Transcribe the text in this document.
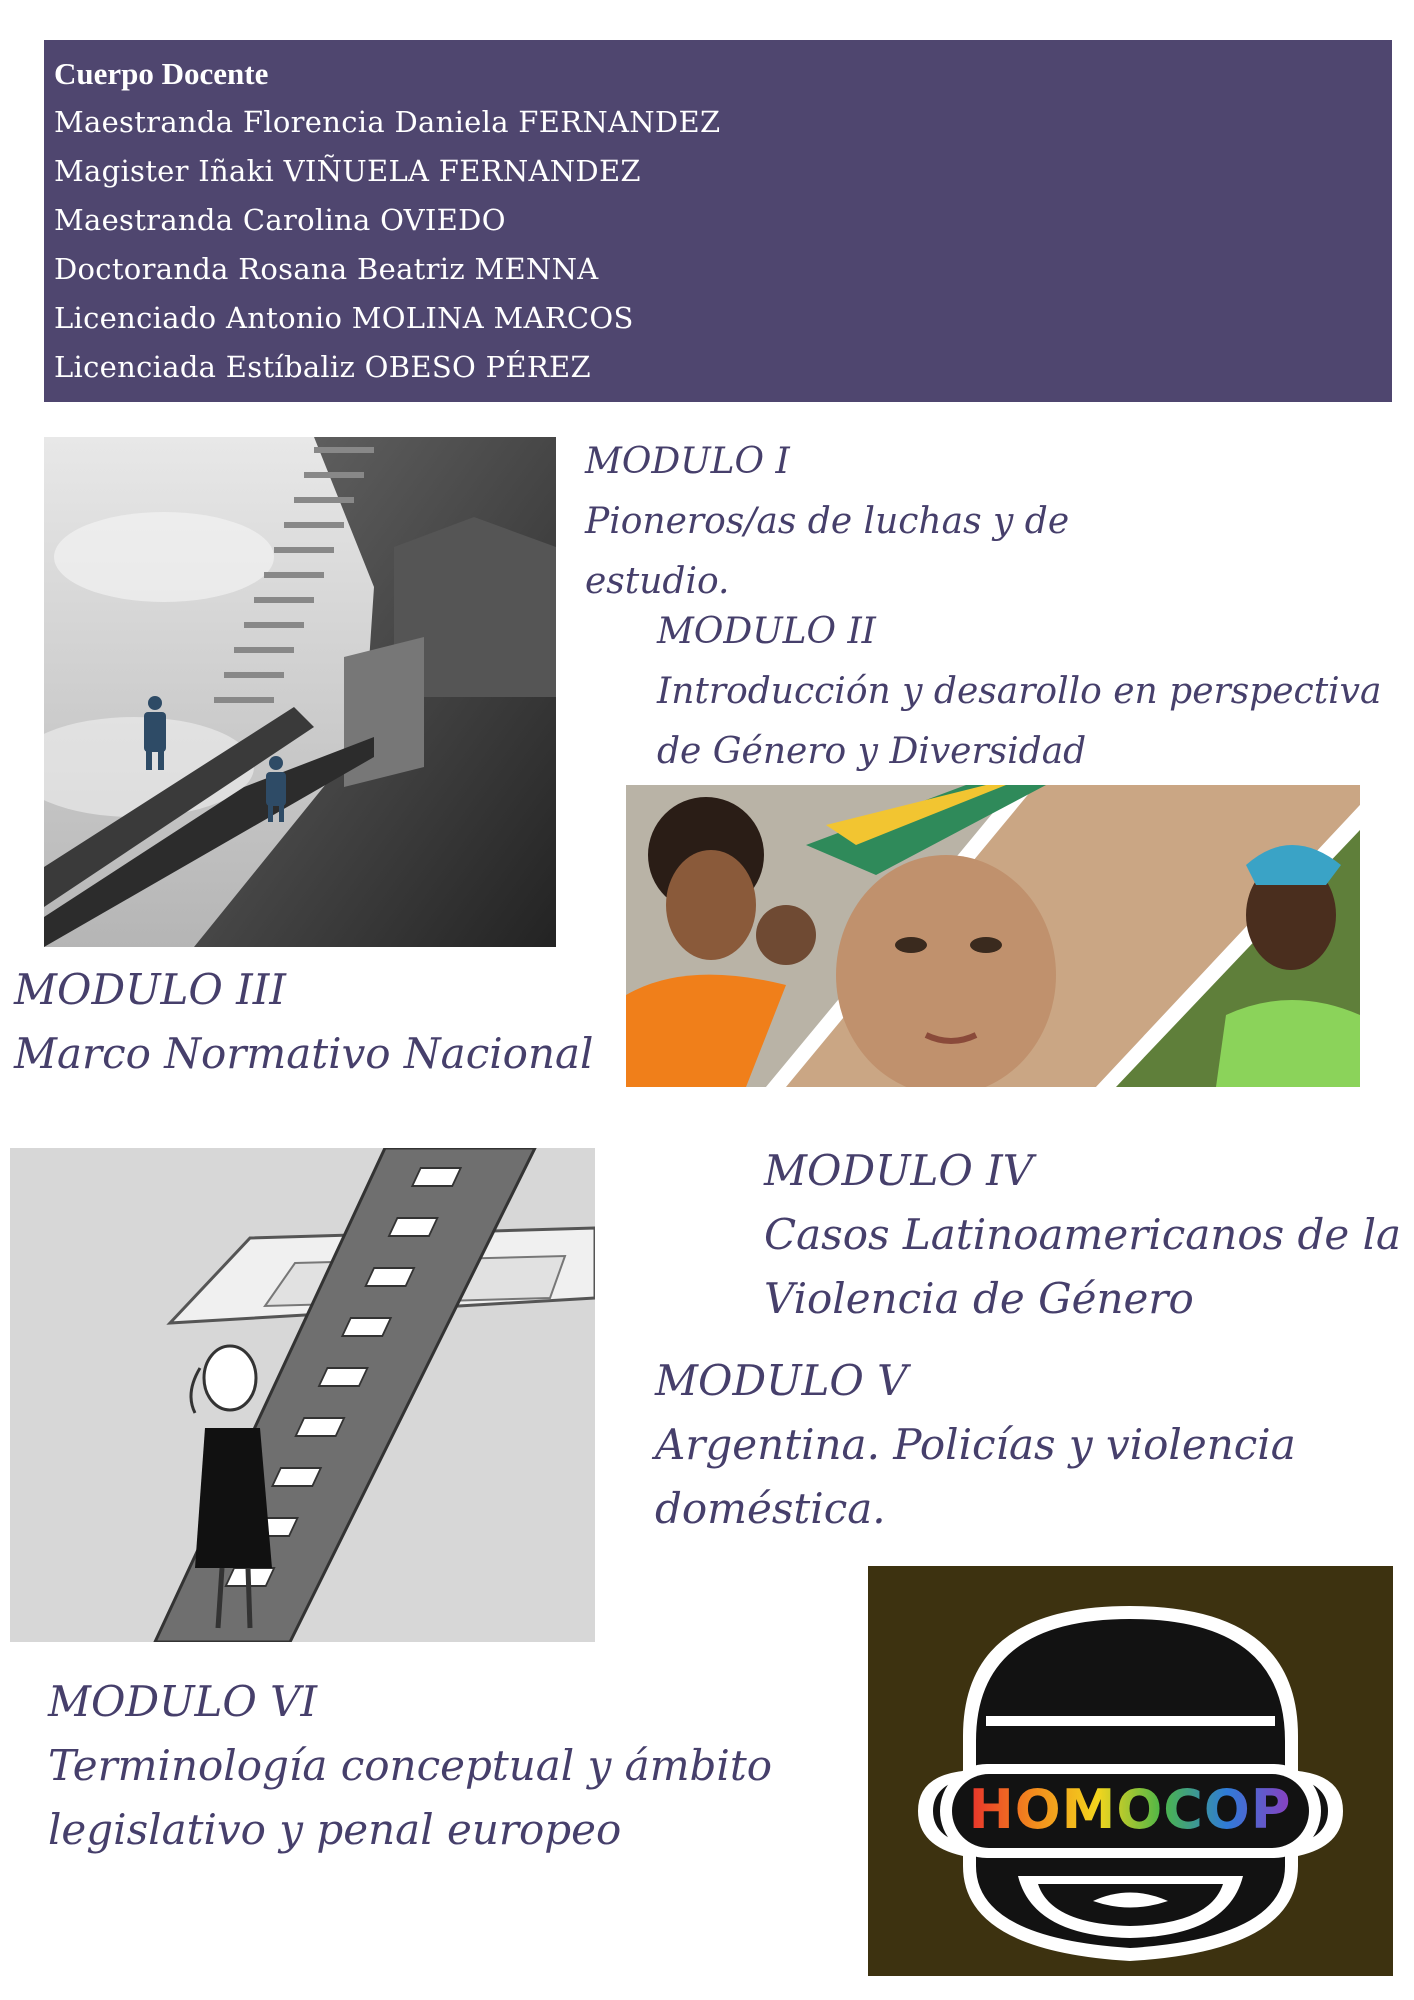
Cuerpo Docente
Maestranda Florencia Daniela FERNANDEZ
Magister Iñaki VIÑUELA FERNANDEZ
Maestranda Carolina OVIEDO
Doctoranda Rosana Beatriz MENNA
Licenciado Antonio MOLINA MARCOS
Licenciada Estíbaliz OBESO PÉREZ
MODULO I
Pioneros/as de luchas y de
estudio.
MODULO II
Introducción y desarollo en perspectiva
de Género y Diversidad
MODULO III
Marco Normativo Nacional
MODULO IV
Casos Latinoamericanos de la
Violencia de Género
MODULO V
Argentina. Policías y violencia
doméstica.
MODULO VI
Terminología conceptual y ámbito
legislativo y penal europeo	HOMOCOP
